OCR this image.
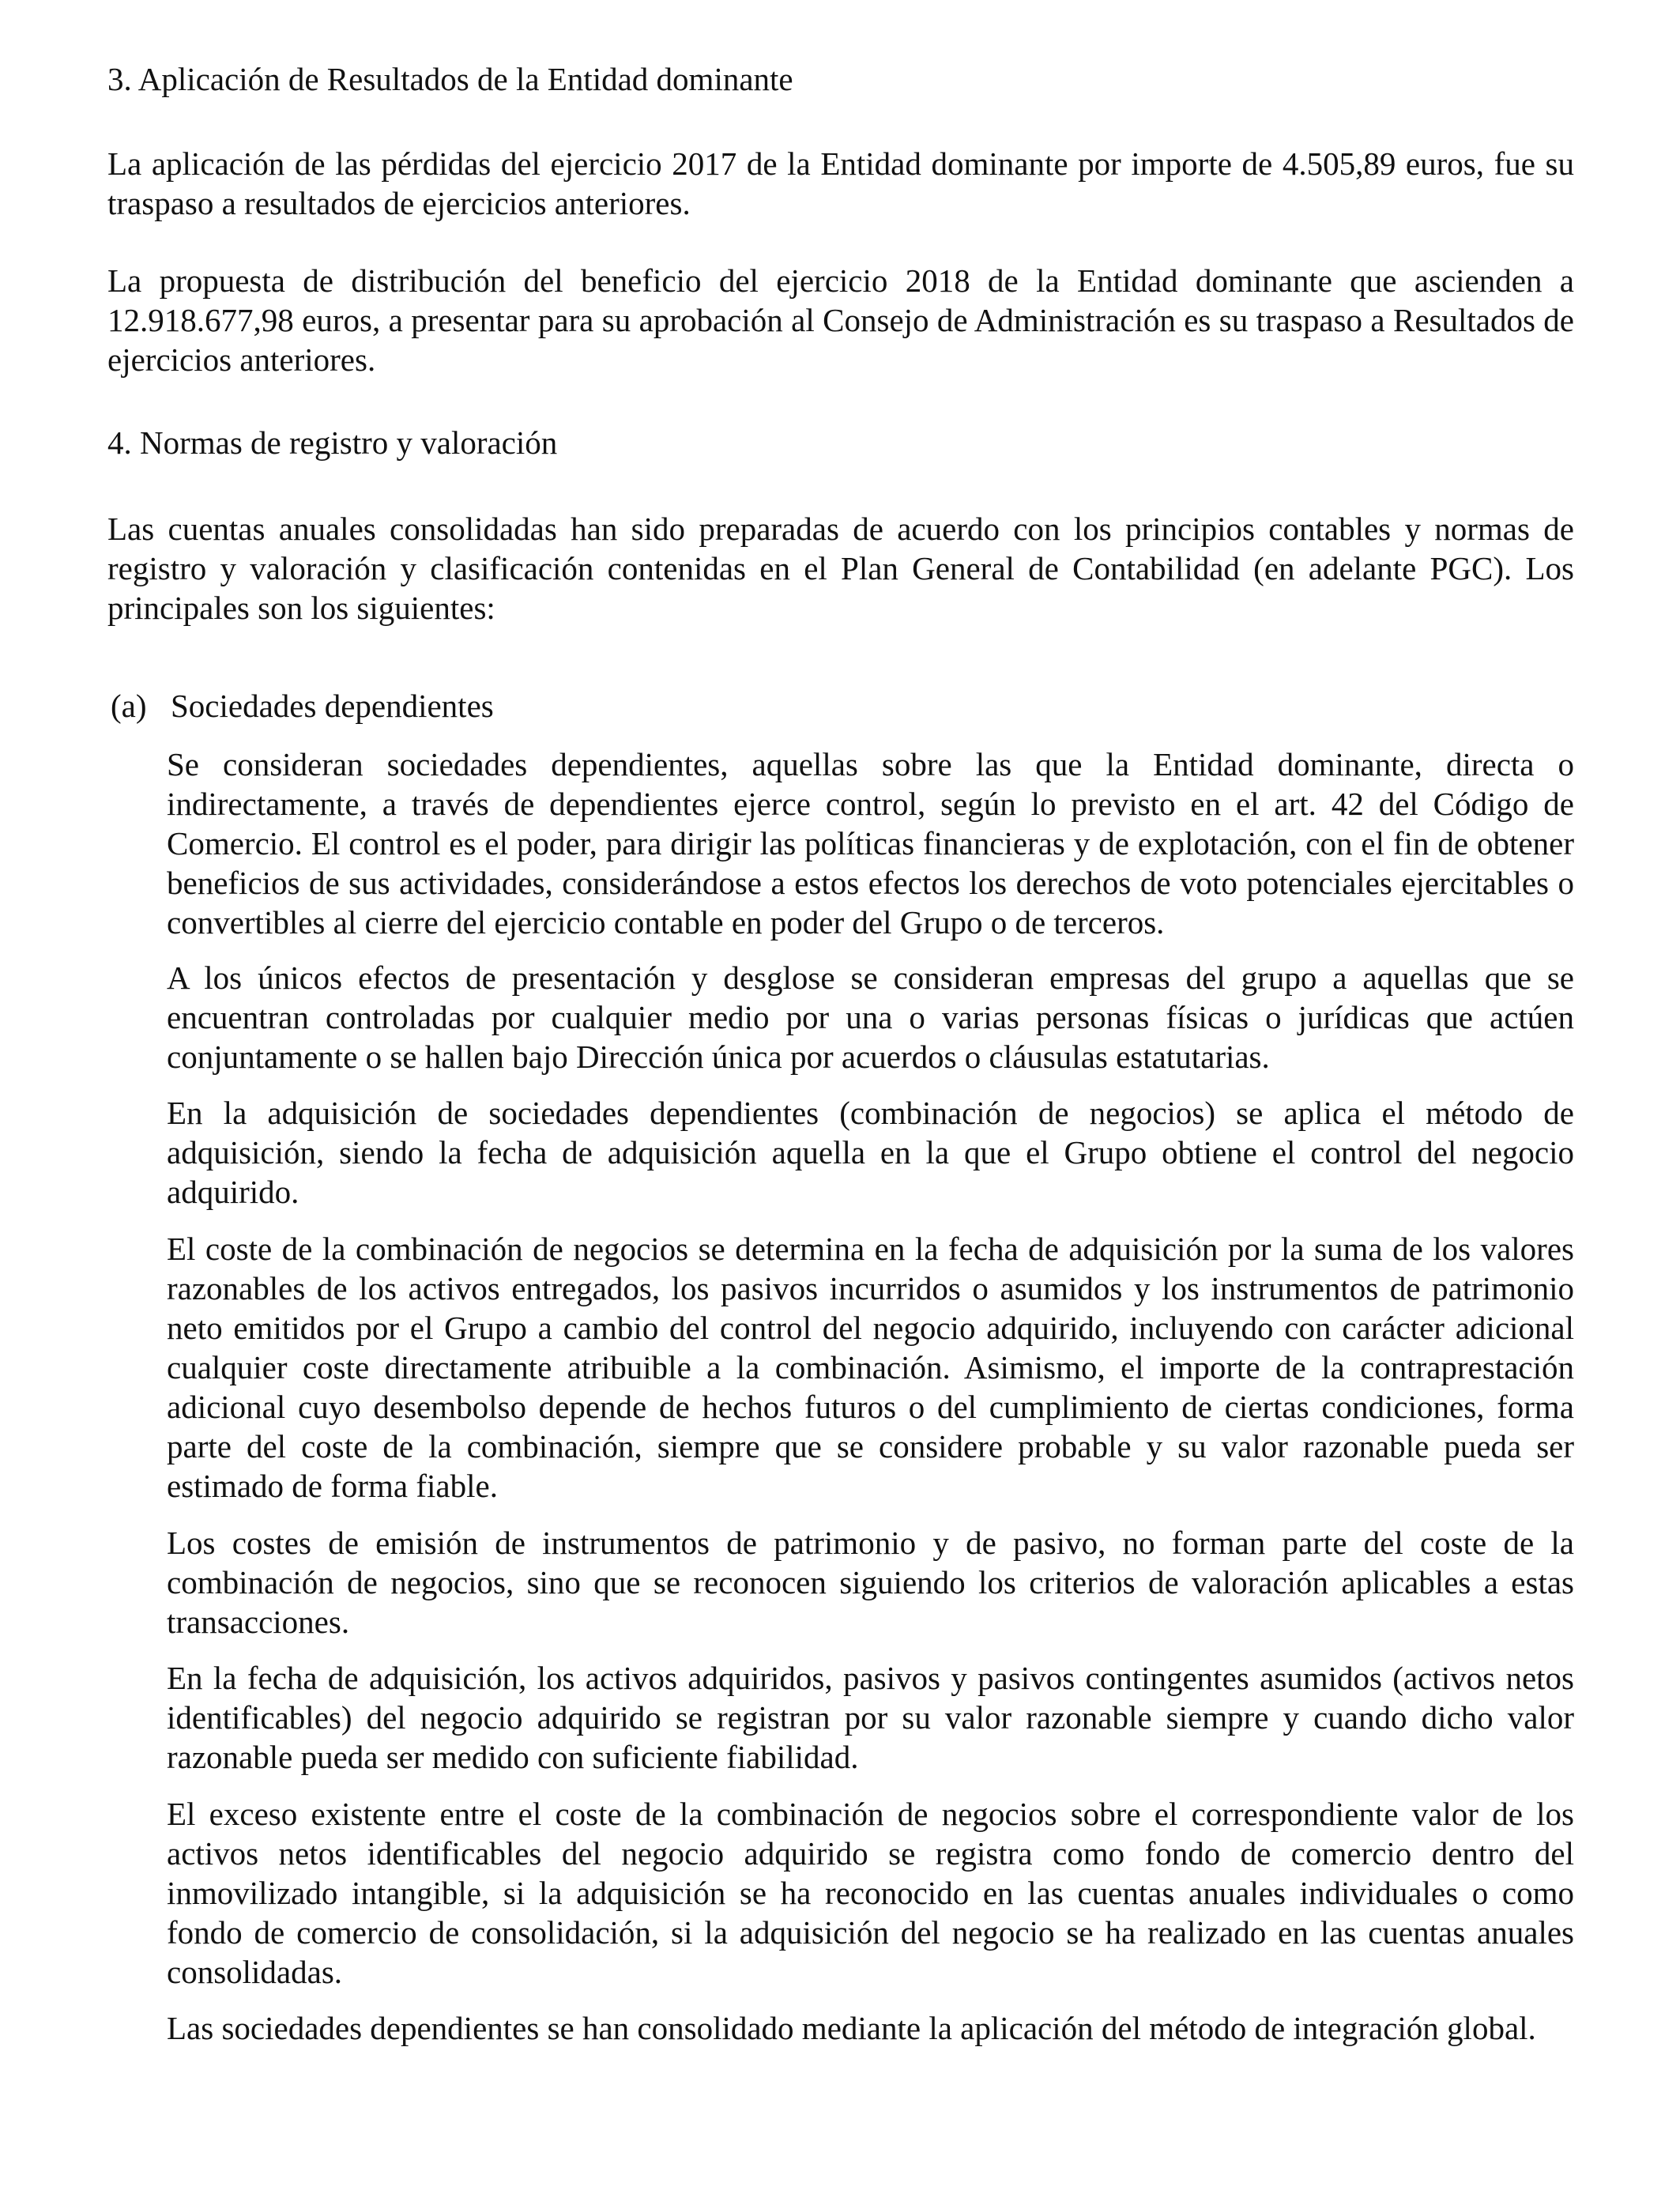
3. Aplicación de Resultados de la Entidad dominante

La aplicación de las pérdidas del ejercicio 2017 de la Entidad dominante por importe de 4.505,89 euros, fue su traspaso a resultados de ejercicios anteriores.

La propuesta de distribución del beneficio del ejercicio 2018 de la Entidad dominante que ascienden a 12.918.677,98 euros, a presentar para su aprobación al Consejo de Administración es su traspaso a Resultados de ejercicios anteriores.

4. Normas de registro y valoración

Las cuentas anuales consolidadas han sido preparadas de acuerdo con los principios contables y normas de registro y valoración y clasificación contenidas en el Plan General de Contabilidad (en adelante PGC). Los principales son los siguientes:

(a) Sociedades dependientes

Se consideran sociedades dependientes, aquellas sobre las que la Entidad dominante, directa o indirectamente, a través de dependientes ejerce control, según lo previsto en el art. 42 del Código de Comercio. El control es el poder, para dirigir las políticas financieras y de explotación, con el fin de obtener beneficios de sus actividades, considerándose a estos efectos los derechos de voto potenciales ejercitables o convertibles al cierre del ejercicio contable en poder del Grupo o de terceros.

A los únicos efectos de presentación y desglose se consideran empresas del grupo a aquellas que se encuentran controladas por cualquier medio por una o varias personas físicas o jurídicas que actúen conjuntamente o se hallen bajo Dirección única por acuerdos o cláusulas estatutarias.

En la adquisición de sociedades dependientes (combinación de negocios) se aplica el método de adquisición, siendo la fecha de adquisición aquella en la que el Grupo obtiene el control del negocio adquirido.

El coste de la combinación de negocios se determina en la fecha de adquisición por la suma de los valores razonables de los activos entregados, los pasivos incurridos o asumidos y los instrumentos de patrimonio neto emitidos por el Grupo a cambio del control del negocio adquirido, incluyendo con carácter adicional cualquier coste directamente atribuible a la combinación. Asimismo, el importe de la contraprestación adicional cuyo desembolso depende de hechos futuros o del cumplimiento de ciertas condiciones, forma parte del coste de la combinación, siempre que se considere probable y su valor razonable pueda ser estimado de forma fiable.

Los costes de emisión de instrumentos de patrimonio y de pasivo, no forman parte del coste de la combinación de negocios, sino que se reconocen siguiendo los criterios de valoración aplicables a estas transacciones.

En la fecha de adquisición, los activos adquiridos, pasivos y pasivos contingentes asumidos (activos netos identificables) del negocio adquirido se registran por su valor razonable siempre y cuando dicho valor razonable pueda ser medido con suficiente fiabilidad.

El exceso existente entre el coste de la combinación de negocios sobre el correspondiente valor de los activos netos identificables del negocio adquirido se registra como fondo de comercio dentro del inmovilizado intangible, si la adquisición se ha reconocido en las cuentas anuales individuales o como fondo de comercio de consolidación, si la adquisición del negocio se ha realizado en las cuentas anuales consolidadas.

Las sociedades dependientes se han consolidado mediante la aplicación del método de integración global.
